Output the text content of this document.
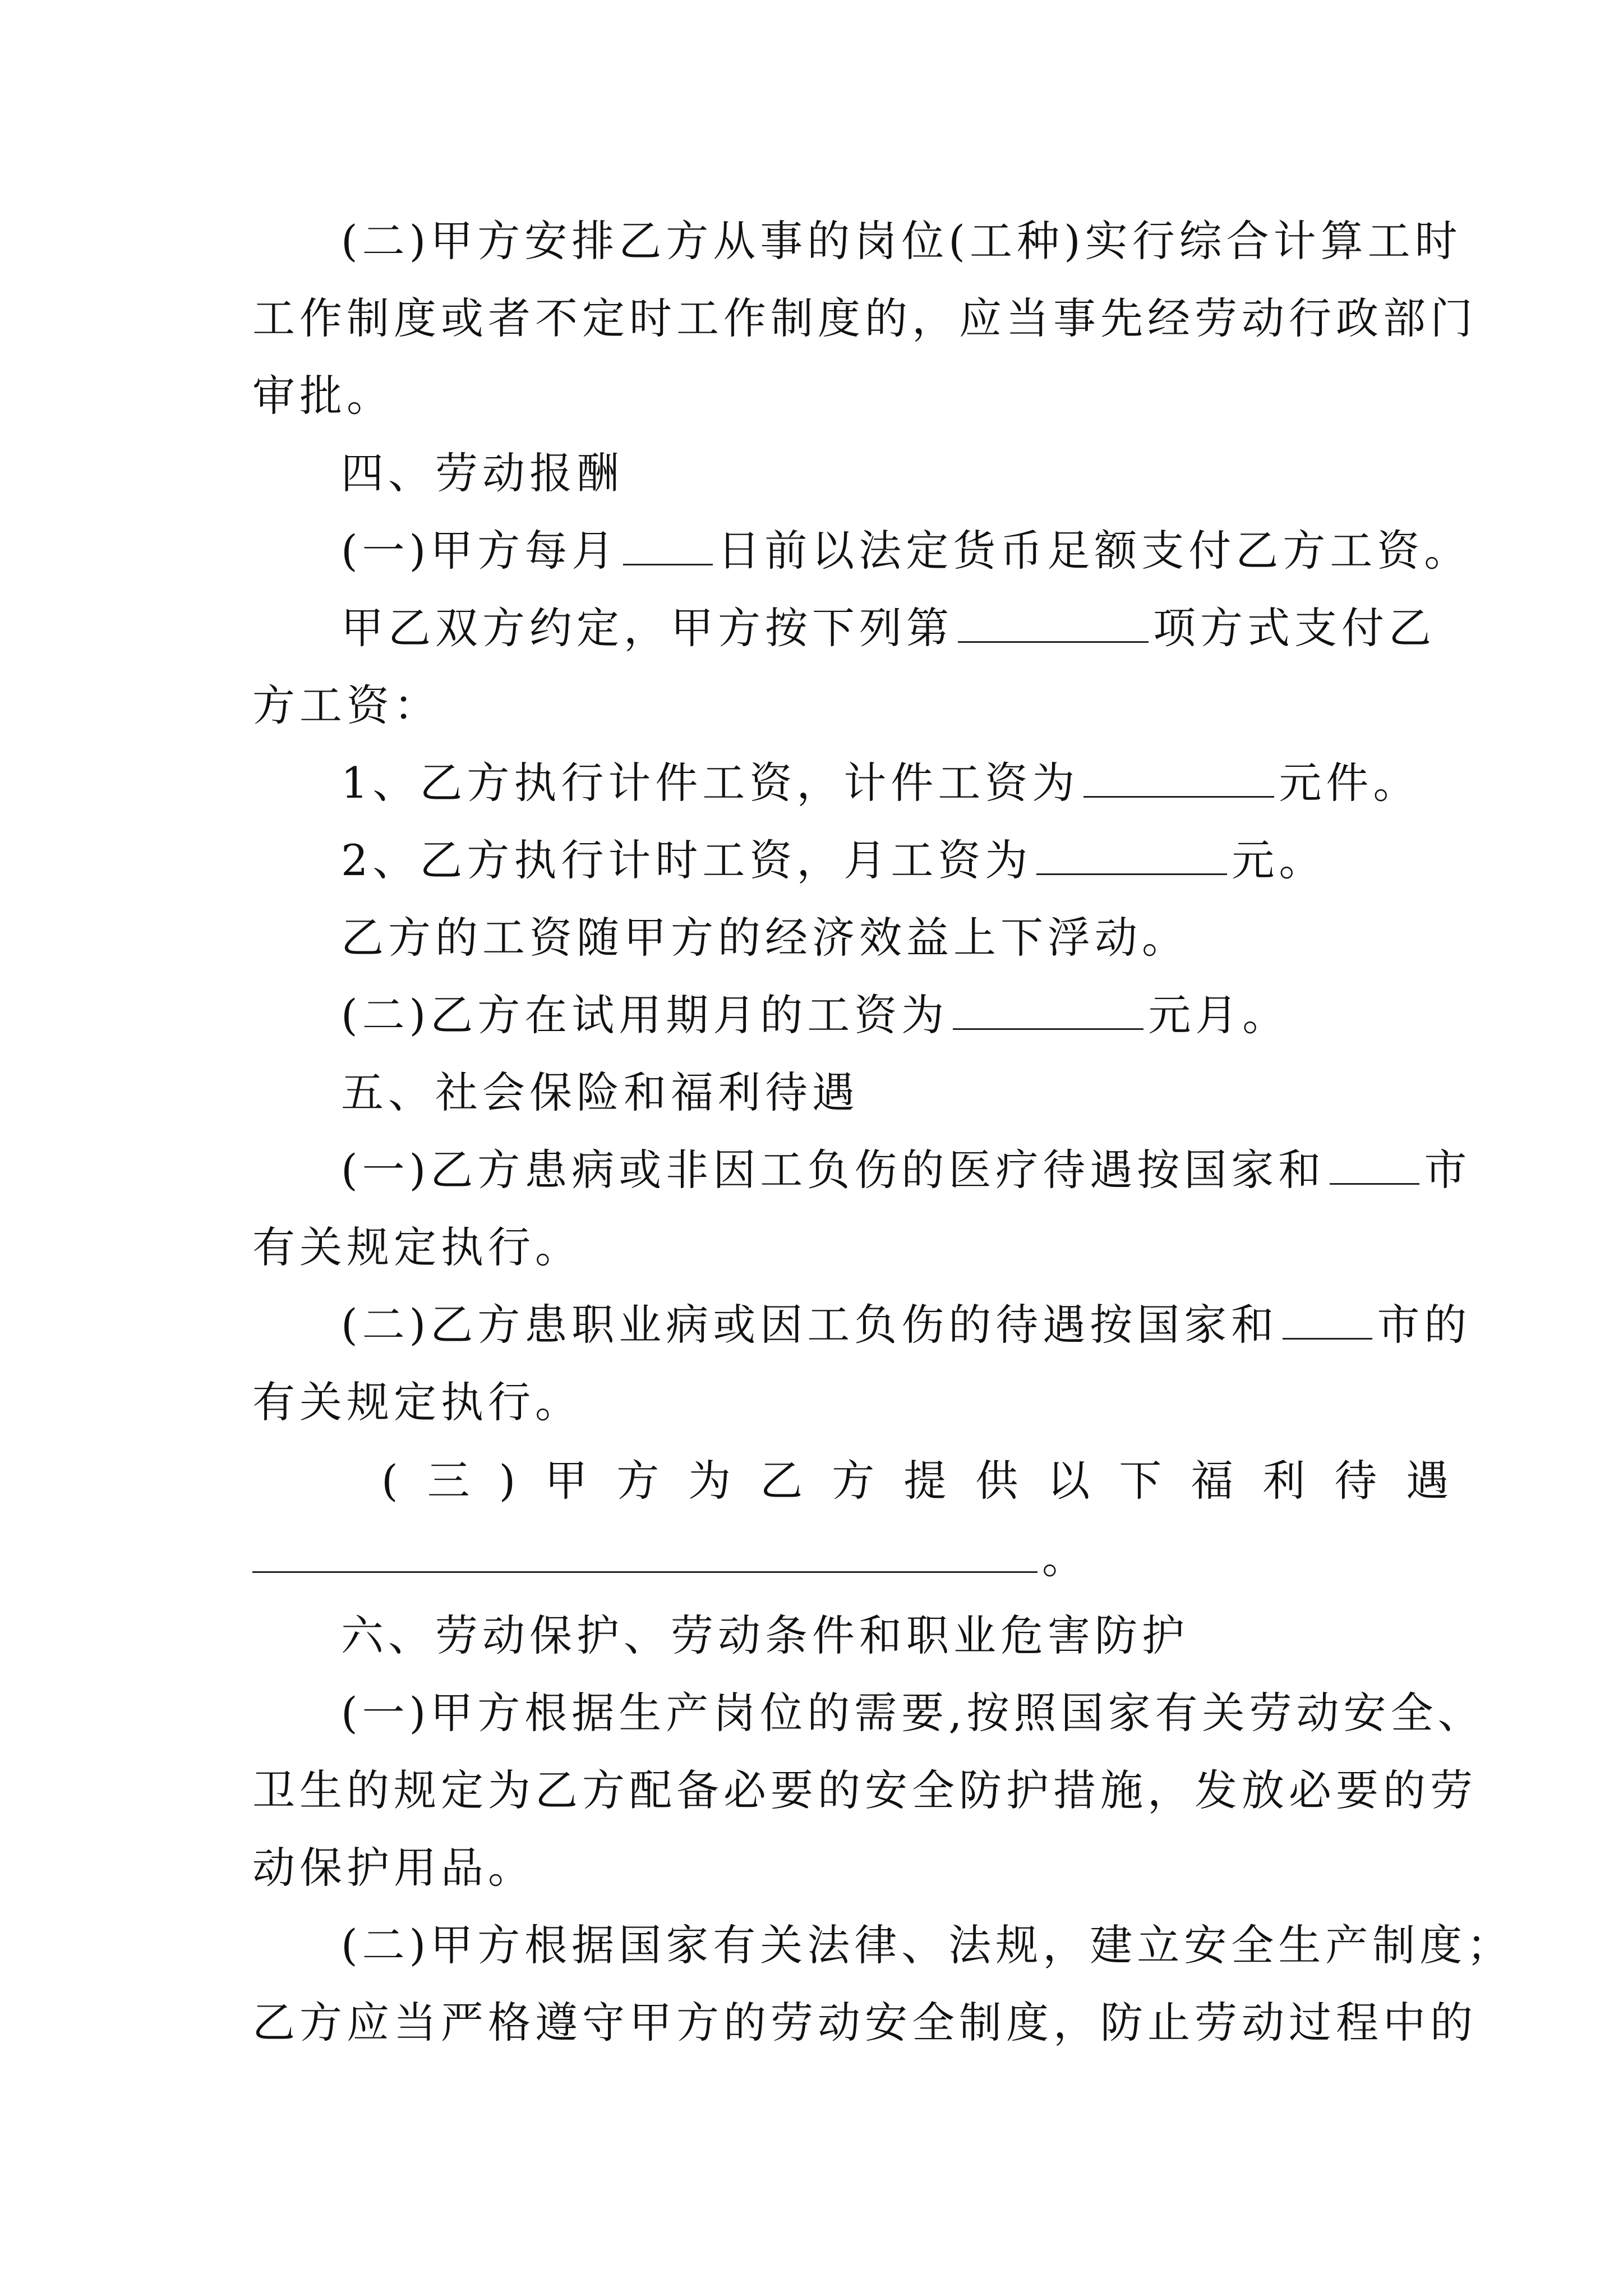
(二)甲方安排乙方从事的岗位(工种)实行综合计算工时
工作制度或者不定时工作制度的，应当事先经劳动行政部门
审批。
四、劳动报酬
(一)甲方每月 日前以法定货币足额支付乙方工资。
甲乙双方约定，甲方按下列第	项方式支付乙
方工资：
1、乙方执行计件工资，计件工资为	元件。
2、乙方执行计时工资，月工资为	元。
乙方的工资随甲方的经济效益上下浮动。
(二)乙方在试用期月的工资为	元月。
五、社会保险和福利待遇
(一)乙方患病或非因工负伤的医疗待遇按国家和 市
有关规定执行。
(二)乙方患职业病或因工负伤的待遇按国家和 市的
有关规定执行。
(三)甲方为乙方提供以下福利待遇
。
六、劳动保护、劳动条件和职业危害防护
(一)甲方根据生产岗位的需要,按照国家有关劳动安全、
卫生的规定为乙方配备必要的安全防护措施，发放必要的劳
动保护用品。
(二)甲方根据国家有关法律、法规，建立安全生产制度；
乙方应当严格遵守甲方的劳动安全制度，防止劳动过程中的
